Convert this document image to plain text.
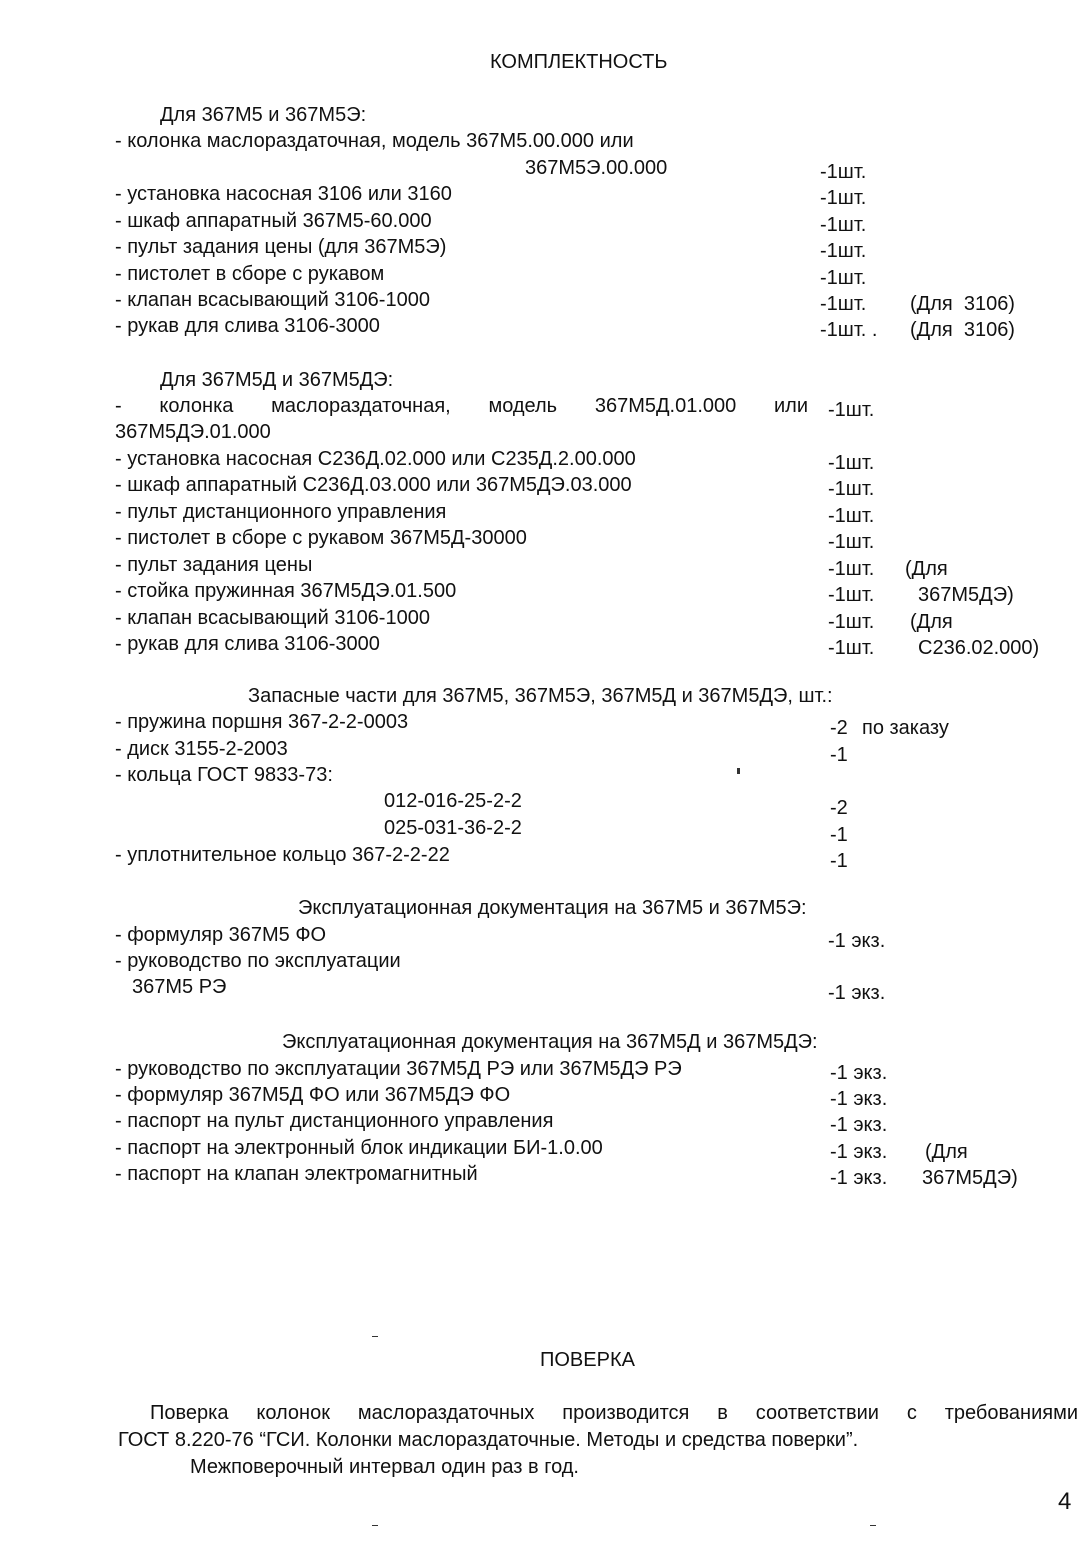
КОМПЛЕКТНОСТЬ
Для 367М5 и 367М5Э:
- колонка маслораздаточная, модель 367М5.00.000 или
367М5Э.00.000	-1шт.
- установка насосная 3106 или 3160	-1шт.
- шкаф аппаратный 367М5-60.000	-1шт.
- пульт задания цены (для 367М5Э)	-1шт.
- пистолет в сборе с рукавом	-1шт.
- клапан всасывающий 3106-1000	-1шт. (Для  3106)
- рукав для слива 3106-3000	-1шт. . (Для  3106)
Для 367М5Д и 367М5ДЭ:
- колонка маслораздаточная, модель 367М5Д.01.000 или -1шт.
367М5ДЭ.01.000
- установка насосная С236Д.02.000 или С235Д.2.00.000	-1шт.
- шкаф аппаратный С236Д.03.000 или 367М5ДЭ.03.000	-1шт.
- пульт дистанционного управления	-1шт.
- пистолет в сборе с рукавом 367М5Д-30000	-1шт.
- пульт задания цены	-1шт. (Для
- стойка пружинная 367М5ДЭ.01.500	-1шт. 367М5ДЭ)
- клапан всасывающий 3106-1000	-1шт. (Для
- рукав для слива 3106-3000	-1шт. С236.02.000)
Запасные части для 367М5, 367М5Э, 367М5Д и 367М5ДЭ, шт.:
- пружина поршня 367-2-2-0003	-2 по заказу
- диск 3155-2-2003	-1
- кольца ГОСТ 9833-73:
012-016-25-2-2	-2
025-031-36-2-2	-1
- уплотнительное кольцо 367-2-2-22	-1
Эксплуатационная документация на 367М5 и 367М5Э:
- формуляр 367М5 ФО	-1 экз.
- руководство по эксплуатации
367М5 РЭ	-1 экз.
Эксплуатационная документация на 367М5Д и 367М5ДЭ:
- руководство по эксплуатации 367М5Д РЭ или 367М5ДЭ РЭ	-1 экз.
- формуляр 367М5Д ФО или 367М5ДЭ ФО	-1 экз.
- паспорт на пульт дистанционного управления	-1 экз.
- паспорт на электронный блок индикации БИ-1.0.00	-1 экз. (Для
- паспорт на клапан электромагнитный	-1 экз. 367М5ДЭ)
ПОВЕРКА
Поверка колонок маслораздаточных производится в соответствии с требованиями
ГОСТ 8.220-76 “ГСИ. Колонки маслораздаточные. Методы и средства поверки”.
Межповерочный интервал один раз в год.
4
